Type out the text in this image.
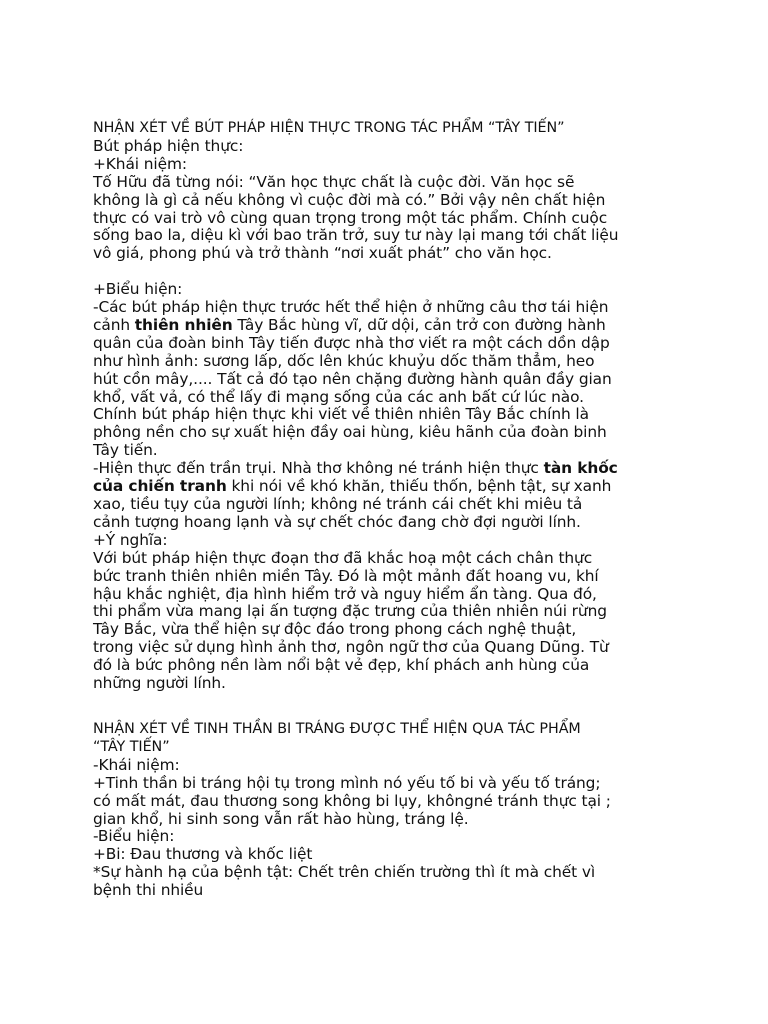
NHẬN XÉT VỀ BÚT PHÁP HIỆN THỰC TRONG TÁC PHẨM “TÂY TIẾN”
Bút pháp hiện thực:
+Khái niệm:
Tố Hữu đã từng nói: “Văn học thực chất là cuộc đời. Văn học sẽ
không là gì cả nếu không vì cuộc đời mà có.” Bởi vậy nên chất hiện
thực có vai trò vô cùng quan trọng trong một tác phẩm. Chính cuộc
sống bao la, diệu kì với bao trăn trở, suy tư này lại mang tới chất liệu
vô giá, phong phú và trở thành “nơi xuất phát” cho văn học.
+Biểu hiện:
-Các bút pháp hiện thực trước hết thể hiện ở những câu thơ tái hiện
cảnh thiên nhiên Tây Bắc hùng vĩ, dữ dội, cản trở con đường hành
quân của đoàn binh Tây tiến được nhà thơ viết ra một cách dồn dập
như hình ảnh: sương lấp, dốc lên khúc khuỷu dốc thăm thẳm, heo
hút cồn mây,.... Tất cả đó tạo nên chặng đường hành quân đầy gian
khổ, vất vả, có thể lấy đi mạng sống của các anh bất cứ lúc nào.
Chính bút pháp hiện thực khi viết về thiên nhiên Tây Bắc chính là
phông nền cho sự xuất hiện đầy oai hùng, kiêu hãnh của đoàn binh
Tây tiến.
-Hiện thực đến trần trụi. Nhà thơ không né tránh hiện thực tàn khốc
của chiến tranh khi nói về khó khăn, thiếu thốn, bệnh tật, sự xanh
xao, tiều tụy của người lính; không né tránh cái chết khi miêu tả
cảnh tượng hoang lạnh và sự chết chóc đang chờ đợi người lính.
+Ý nghĩa:
Với bút pháp hiện thực đoạn thơ đã khắc hoạ một cách chân thực
bức tranh thiên nhiên miền Tây. Đó là một mảnh đất hoang vu, khí
hậu khắc nghiệt, địa hình hiểm trở và nguy hiểm ẩn tàng. Qua đó,
thi phẩm vừa mang lại ấn tượng đặc trưng của thiên nhiên núi rừng
Tây Bắc, vừa thể hiện sự độc đáo trong phong cách nghệ thuật,
trong việc sử dụng hình ảnh thơ, ngôn ngữ thơ của Quang Dũng. Từ
đó là bức phông nền làm nổi bật vẻ đẹp, khí phách anh hùng của
những người lính.
NHẬN XÉT VỀ TINH THẦN BI TRÁNG ĐƯỢC THỂ HIỆN QUA TÁC PHẨM
“TÂY TIẾN”
-Khái niệm:
+Tinh thần bi tráng hội tụ trong mình nó yếu tố bi và yếu tố tráng;
có mất mát, đau thương song không bi lụy, khôngné tránh thực tại ;
gian khổ, hi sinh song vẫn rất hào hùng, tráng lệ.
-Biểu hiện:
+Bi: Đau thương và khốc liệt
*Sự hành hạ của bệnh tật: Chết trên chiến trường thì ít mà chết vì
bệnh thi nhiều
